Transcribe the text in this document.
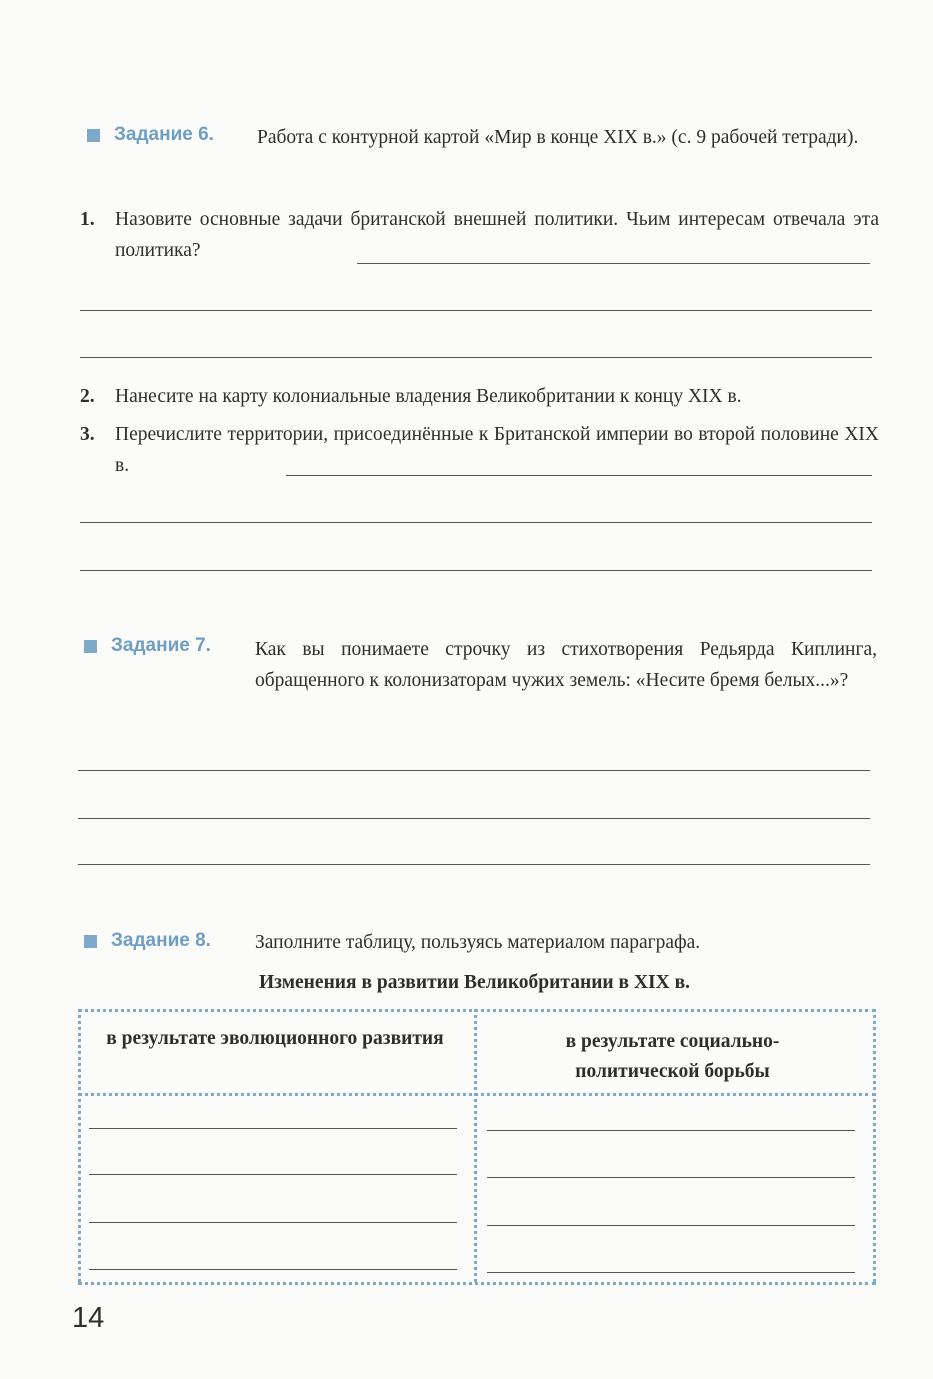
Задание 6. Работа с контурной картой «Мир в конце XIX в.» (с. 9 рабочей тетради).
1. Назовите основные задачи британской внешней политики. Чьим интересам отвечала эта политика?
2. Нанесите на карту колониальные владения Великобритании к концу XIX в.
3. Перечислите территории, присоединённые к Британской империи во второй половине XIX в.
Задание 7. Как вы понимаете строчку из стихотворения Редьярда Киплинга, обращенного к колонизаторам чужих земель: «Несите бремя белых...»?
Задание 8. Заполните таблицу, пользуясь материалом параграфа.
Изменения в развитии Великобритании в XIX в.
в результате эволюционного развития	в результате социально-политической борьбы
14
